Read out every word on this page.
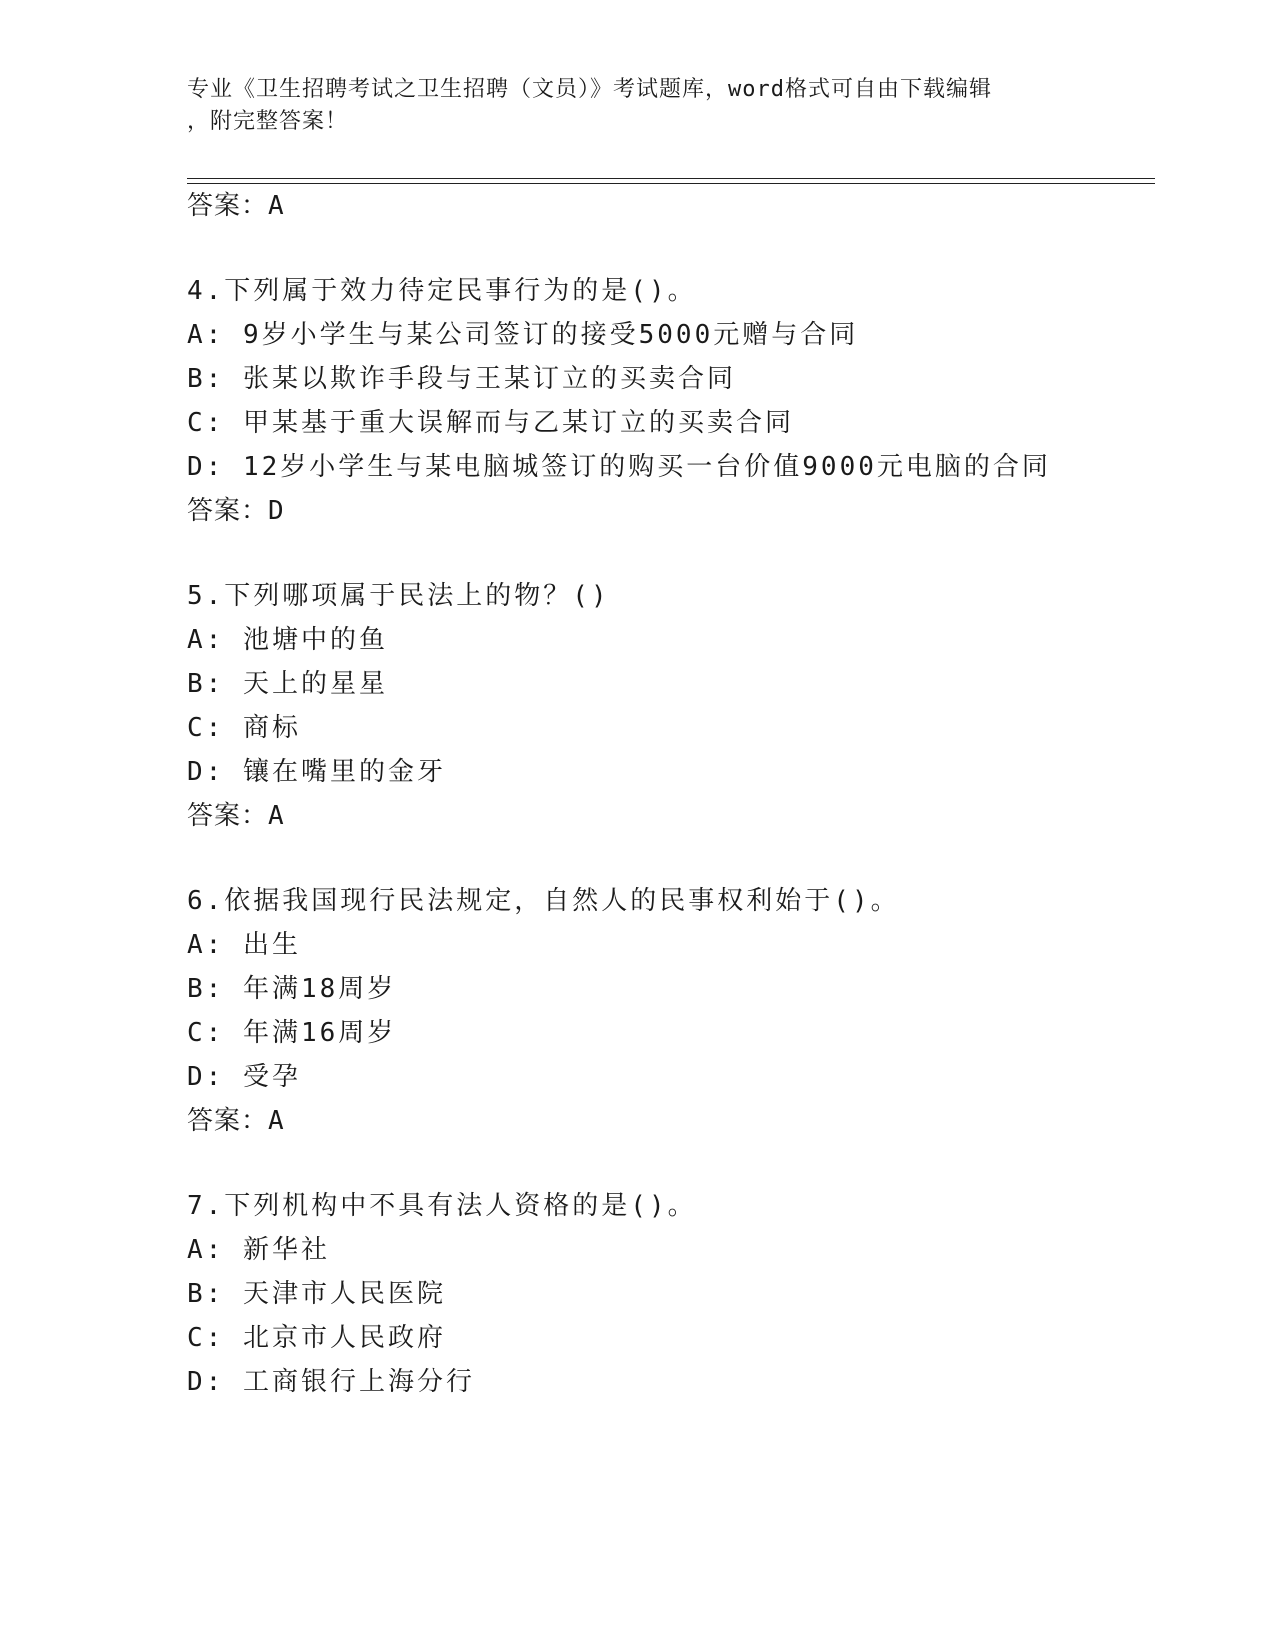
专业《卫生招聘考试之卫生招聘（文员）》考试题库，word格式可自由下载编辑
，附完整答案！
答案：A
4.下列属于效力待定民事行为的是()。
A: 9岁小学生与某公司签订的接受5000元赠与合同
B: 张某以欺诈手段与王某订立的买卖合同
C: 甲某基于重大误解而与乙某订立的买卖合同
D: 12岁小学生与某电脑城签订的购买一台价值9000元电脑的合同
答案：D
5.下列哪项属于民法上的物？()
A: 池塘中的鱼
B: 天上的星星
C: 商标
D: 镶在嘴里的金牙
答案：A
6.依据我国现行民法规定，自然人的民事权利始于()。
A: 出生
B: 年满18周岁
C: 年满16周岁
D: 受孕
答案：A
7.下列机构中不具有法人资格的是()。
A: 新华社
B: 天津市人民医院
C: 北京市人民政府
D: 工商银行上海分行
